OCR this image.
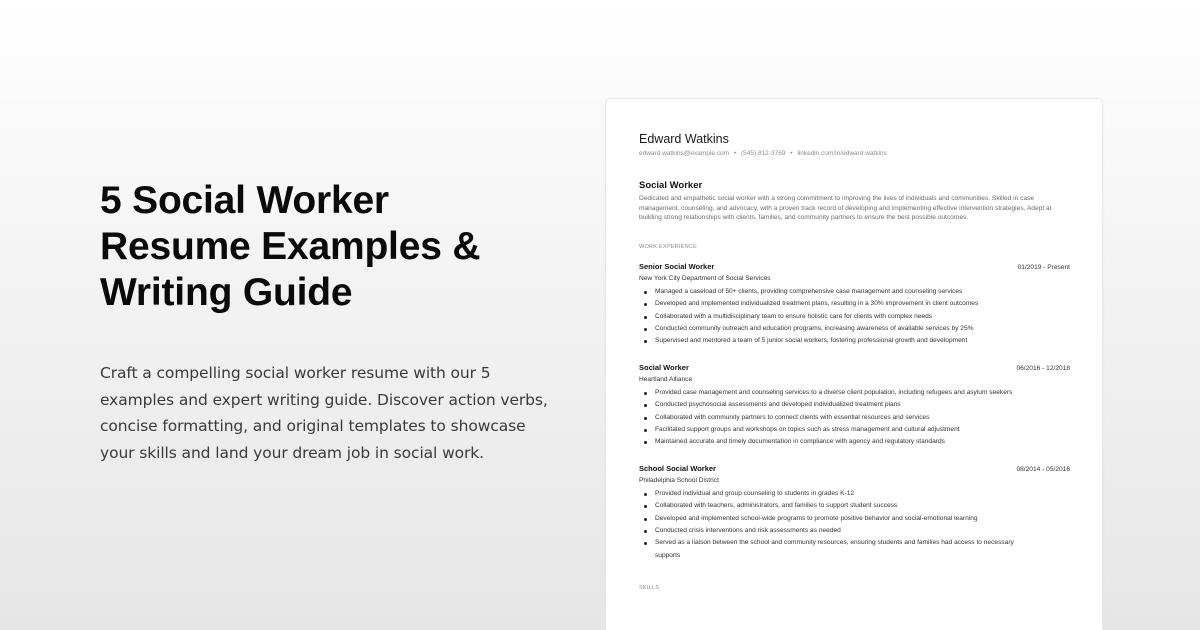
5 Social Worker
Resume Examples &
Writing Guide

Craft a compelling social worker resume with our 5 examples and expert writing guide. Discover action verbs, concise formatting, and original templates to showcase your skills and land your dream job in social work.

Edward Watkins
edward.watkins@example.com • (545) 812-3769 • linkedin.com/in/edward.watkins
Social Worker
Dedicated and empathetic social worker with a strong commitment to improving the lives of individuals and communities. Skilled in case management, counseling, and advocacy, with a proven track record of developing and implementing effective intervention strategies. Adept at building strong relationships with clients, families, and community partners to ensure the best possible outcomes.
WORK EXPERIENCE
Senior Social Worker	01/2019 - Present
New York City Department of Social Services
Managed a caseload of 50+ clients, providing comprehensive case management and counseling services
Developed and implemented individualized treatment plans, resulting in a 30% improvement in client outcomes
Collaborated with a multidisciplinary team to ensure holistic care for clients with complex needs
Conducted community outreach and education programs, increasing awareness of available services by 25%
Supervised and mentored a team of 5 junior social workers, fostering professional growth and development
Social Worker	06/2016 - 12/2018
Heartland Alliance
Provided case management and counseling services to a diverse client population, including refugees and asylum seekers
Conducted psychosocial assessments and developed individualized treatment plans
Collaborated with community partners to connect clients with essential resources and services
Facilitated support groups and workshops on topics such as stress management and cultural adjustment
Maintained accurate and timely documentation in compliance with agency and regulatory standards
School Social Worker	08/2014 - 05/2016
Philadelphia School District
Provided individual and group counseling to students in grades K-12
Collaborated with teachers, administrators, and families to support student success
Developed and implemented school-wide programs to promote positive behavior and social-emotional learning
Conducted crisis interventions and risk assessments as needed
Served as a liaison between the school and community resources, ensuring students and families had access to necessary supports
SKILLS
